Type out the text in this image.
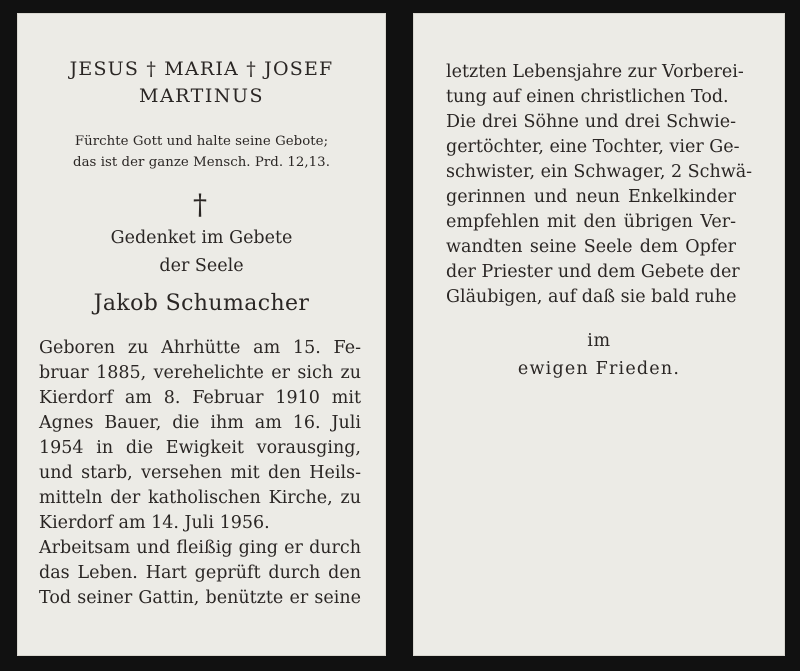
JESUS † MARIA † JOSEF
MARTINUS
Fürchte Gott und halte seine Gebote;
das ist der ganze Mensch. Prd. 12,13.
†
Gedenket im Gebete
der Seele
Jakob Schumacher
Geboren zu Ahrhütte am 15. Fe-
bruar 1885, verehelichte er sich zu
Kierdorf am 8. Februar 1910 mit
Agnes Bauer, die ihm am 16. Juli
1954 in die Ewigkeit vorausging,
und starb, versehen mit den Heils-
mitteln der katholischen Kirche, zu
Kierdorf am 14. Juli 1956.
Arbeitsam und fleißig ging er durch
das Leben. Hart geprüft durch den
Tod seiner Gattin, benützte er seine
letzten Lebensjahre zur Vorberei-
tung auf einen christlichen Tod.
Die drei Söhne und drei Schwie-
gertöchter, eine Tochter, vier Ge-
schwister, ein Schwager, 2 Schwä-
gerinnen und neun Enkelkinder
empfehlen mit den übrigen Ver-
wandten seine Seele dem Opfer
der Priester und dem Gebete der
Gläubigen, auf daß sie bald ruhe
im
ewigen Frieden.
